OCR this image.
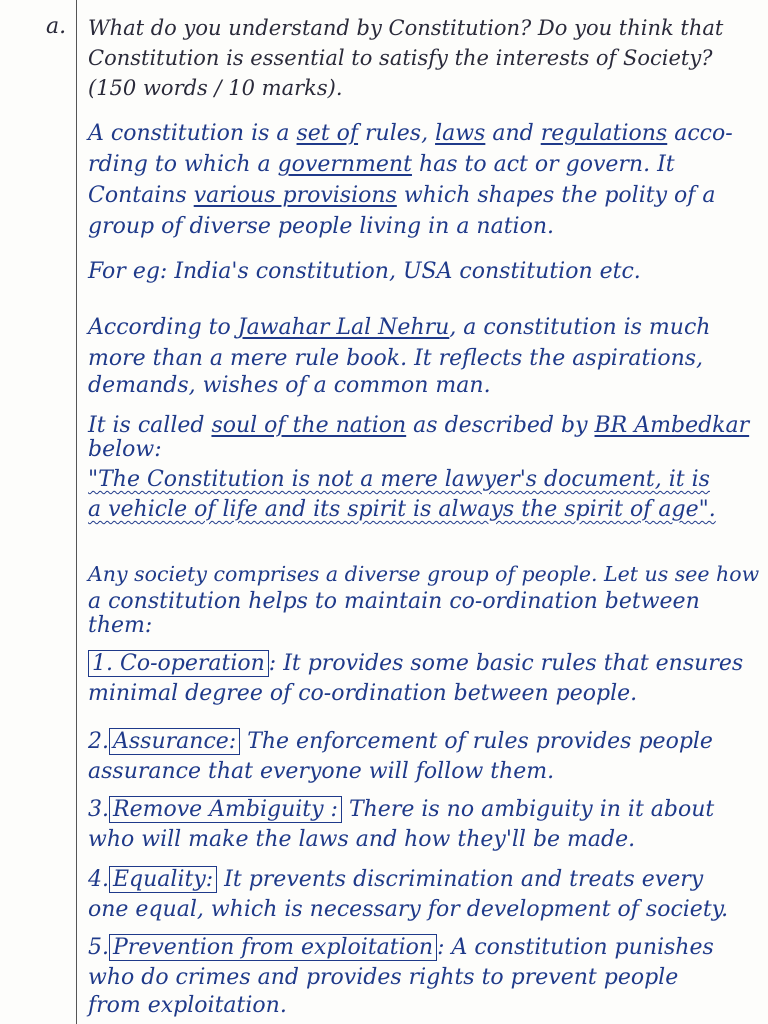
a. What do you understand by Constitution? Do you think that
Constitution is essential to satisfy the interests of Society?
(150 words / 10 marks).
A constitution is a set of rules, laws and regulations acco-
rding to which a government has to act or govern. It
Contains various provisions which shapes the polity of a
group of diverse people living in a nation.
For eg: India's constitution, USA constitution etc.
According to Jawahar Lal Nehru, a constitution is much
more than a mere rule book. It reflects the aspirations,
demands, wishes of a common man.
It is called soul of the nation as described by BR Ambedkar
below:
"The Constitution is not a mere lawyer's document, it is
a vehicle of life and its spirit is always the spirit of age".
Any society comprises a diverse group of people. Let us see how
a constitution helps to maintain co-ordination between
them:
1. Co-operation : It provides some basic rules that ensures
minimal degree of co-ordination between people.
2. Assurance: The enforcement of rules provides people
assurance that everyone will follow them.
3. Remove Ambiguity : There is no ambiguity in it about
who will make the laws and how they'll be made.
4. Equality: It prevents discrimination and treats every
one equal, which is necessary for development of society.
5. Prevention from exploitation : A constitution punishes
who do crimes and provides rights to prevent people
from exploitation.
